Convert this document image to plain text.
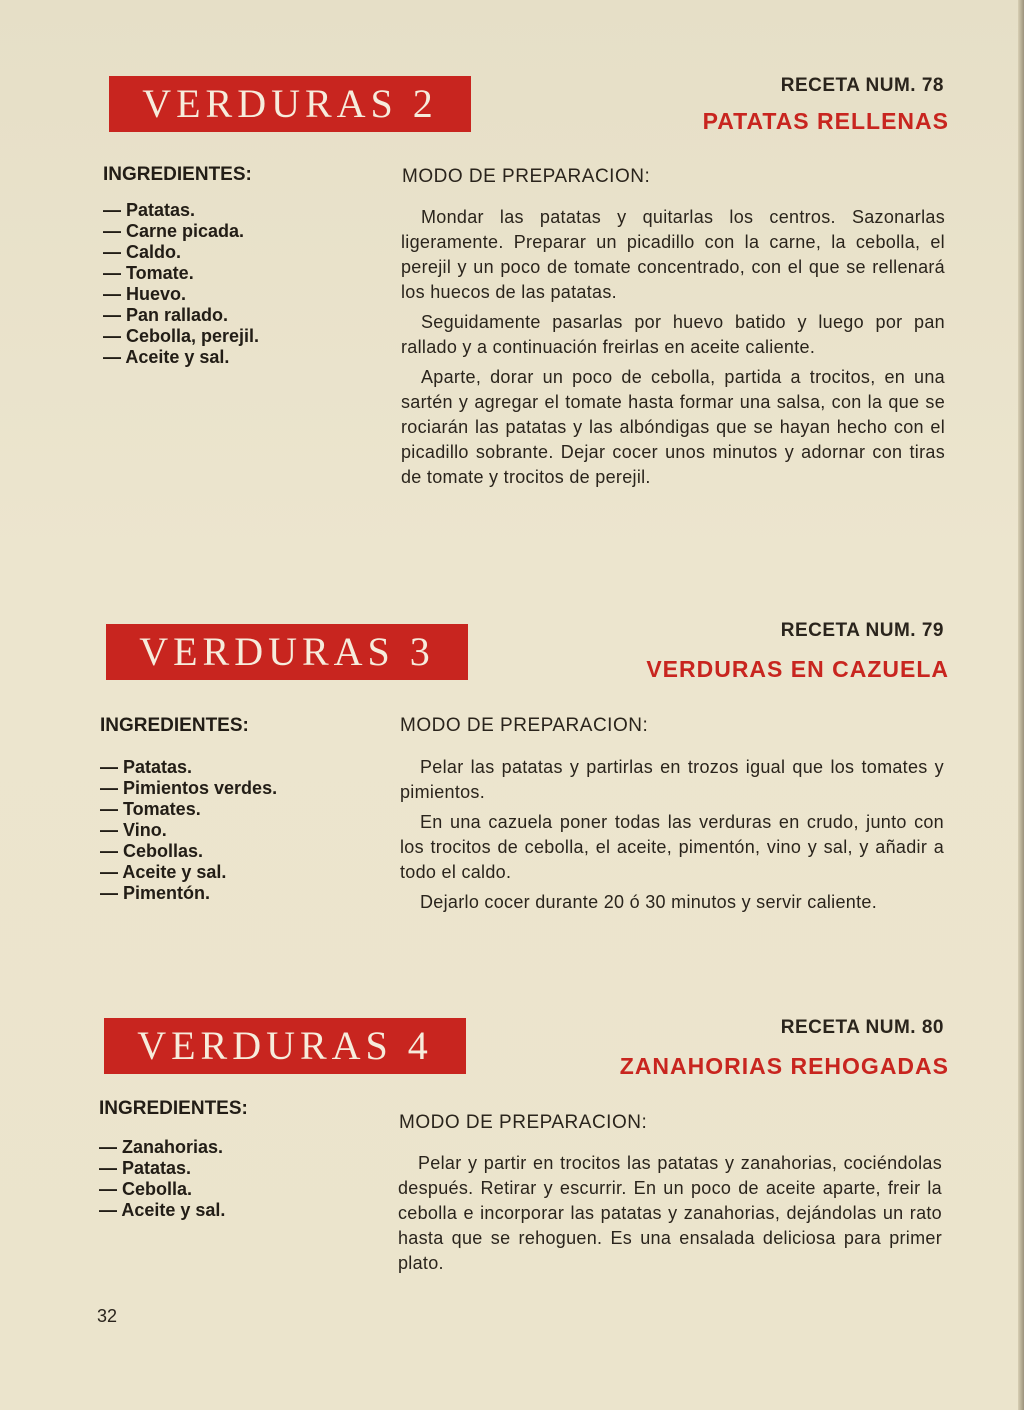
VERDURAS 2	RECETA NUM. 78
PATATAS RELLENAS
INGREDIENTES:
— Patatas.
— Carne picada.
— Caldo.
— Tomate.
— Huevo.
— Pan rallado.
— Cebolla, perejil.
— Aceite y sal.
MODO DE PREPARACION:

Mondar las patatas y quitarlas los centros. Sazonarlas ligeramente. Preparar un picadillo con la carne, la cebolla, el perejil y un poco de tomate concentrado, con el que se rellenará los huecos de las patatas.

Seguidamente pasarlas por huevo batido y luego por pan rallado y a continuación freirlas en aceite caliente.

Aparte, dorar un poco de cebolla, partida a trocitos, en una sartén y agregar el tomate hasta formar una salsa, con la que se rociarán las patatas y las albóndigas que se hayan hecho con el picadillo sobrante. Dejar cocer unos minutos y adornar con tiras de tomate y trocitos de perejil.

VERDURAS 3	RECETA NUM. 79
VERDURAS EN CAZUELA
INGREDIENTES:
— Patatas.
— Pimientos verdes.
— Tomates.
— Vino.
— Cebollas.
— Aceite y sal.
— Pimentón.
MODO DE PREPARACION:

Pelar las patatas y partirlas en trozos igual que los tomates y pimientos.

En una cazuela poner todas las verduras en crudo, junto con los trocitos de cebolla, el aceite, pimentón, vino y sal, y añadir a todo el caldo.

Dejarlo cocer durante 20 ó 30 minutos y servir caliente.

VERDURAS 4	RECETA NUM. 80
ZANAHORIAS REHOGADAS
INGREDIENTES:
— Zanahorias.
— Patatas.
— Cebolla.
— Aceite y sal.
MODO DE PREPARACION:

Pelar y partir en trocitos las patatas y zanahorias, cociéndolas después. Retirar y escurrir. En un poco de aceite aparte, freir la cebolla e incorporar las patatas y zanahorias, dejándolas un rato hasta que se rehoguen. Es una ensalada deliciosa para primer plato.

32
